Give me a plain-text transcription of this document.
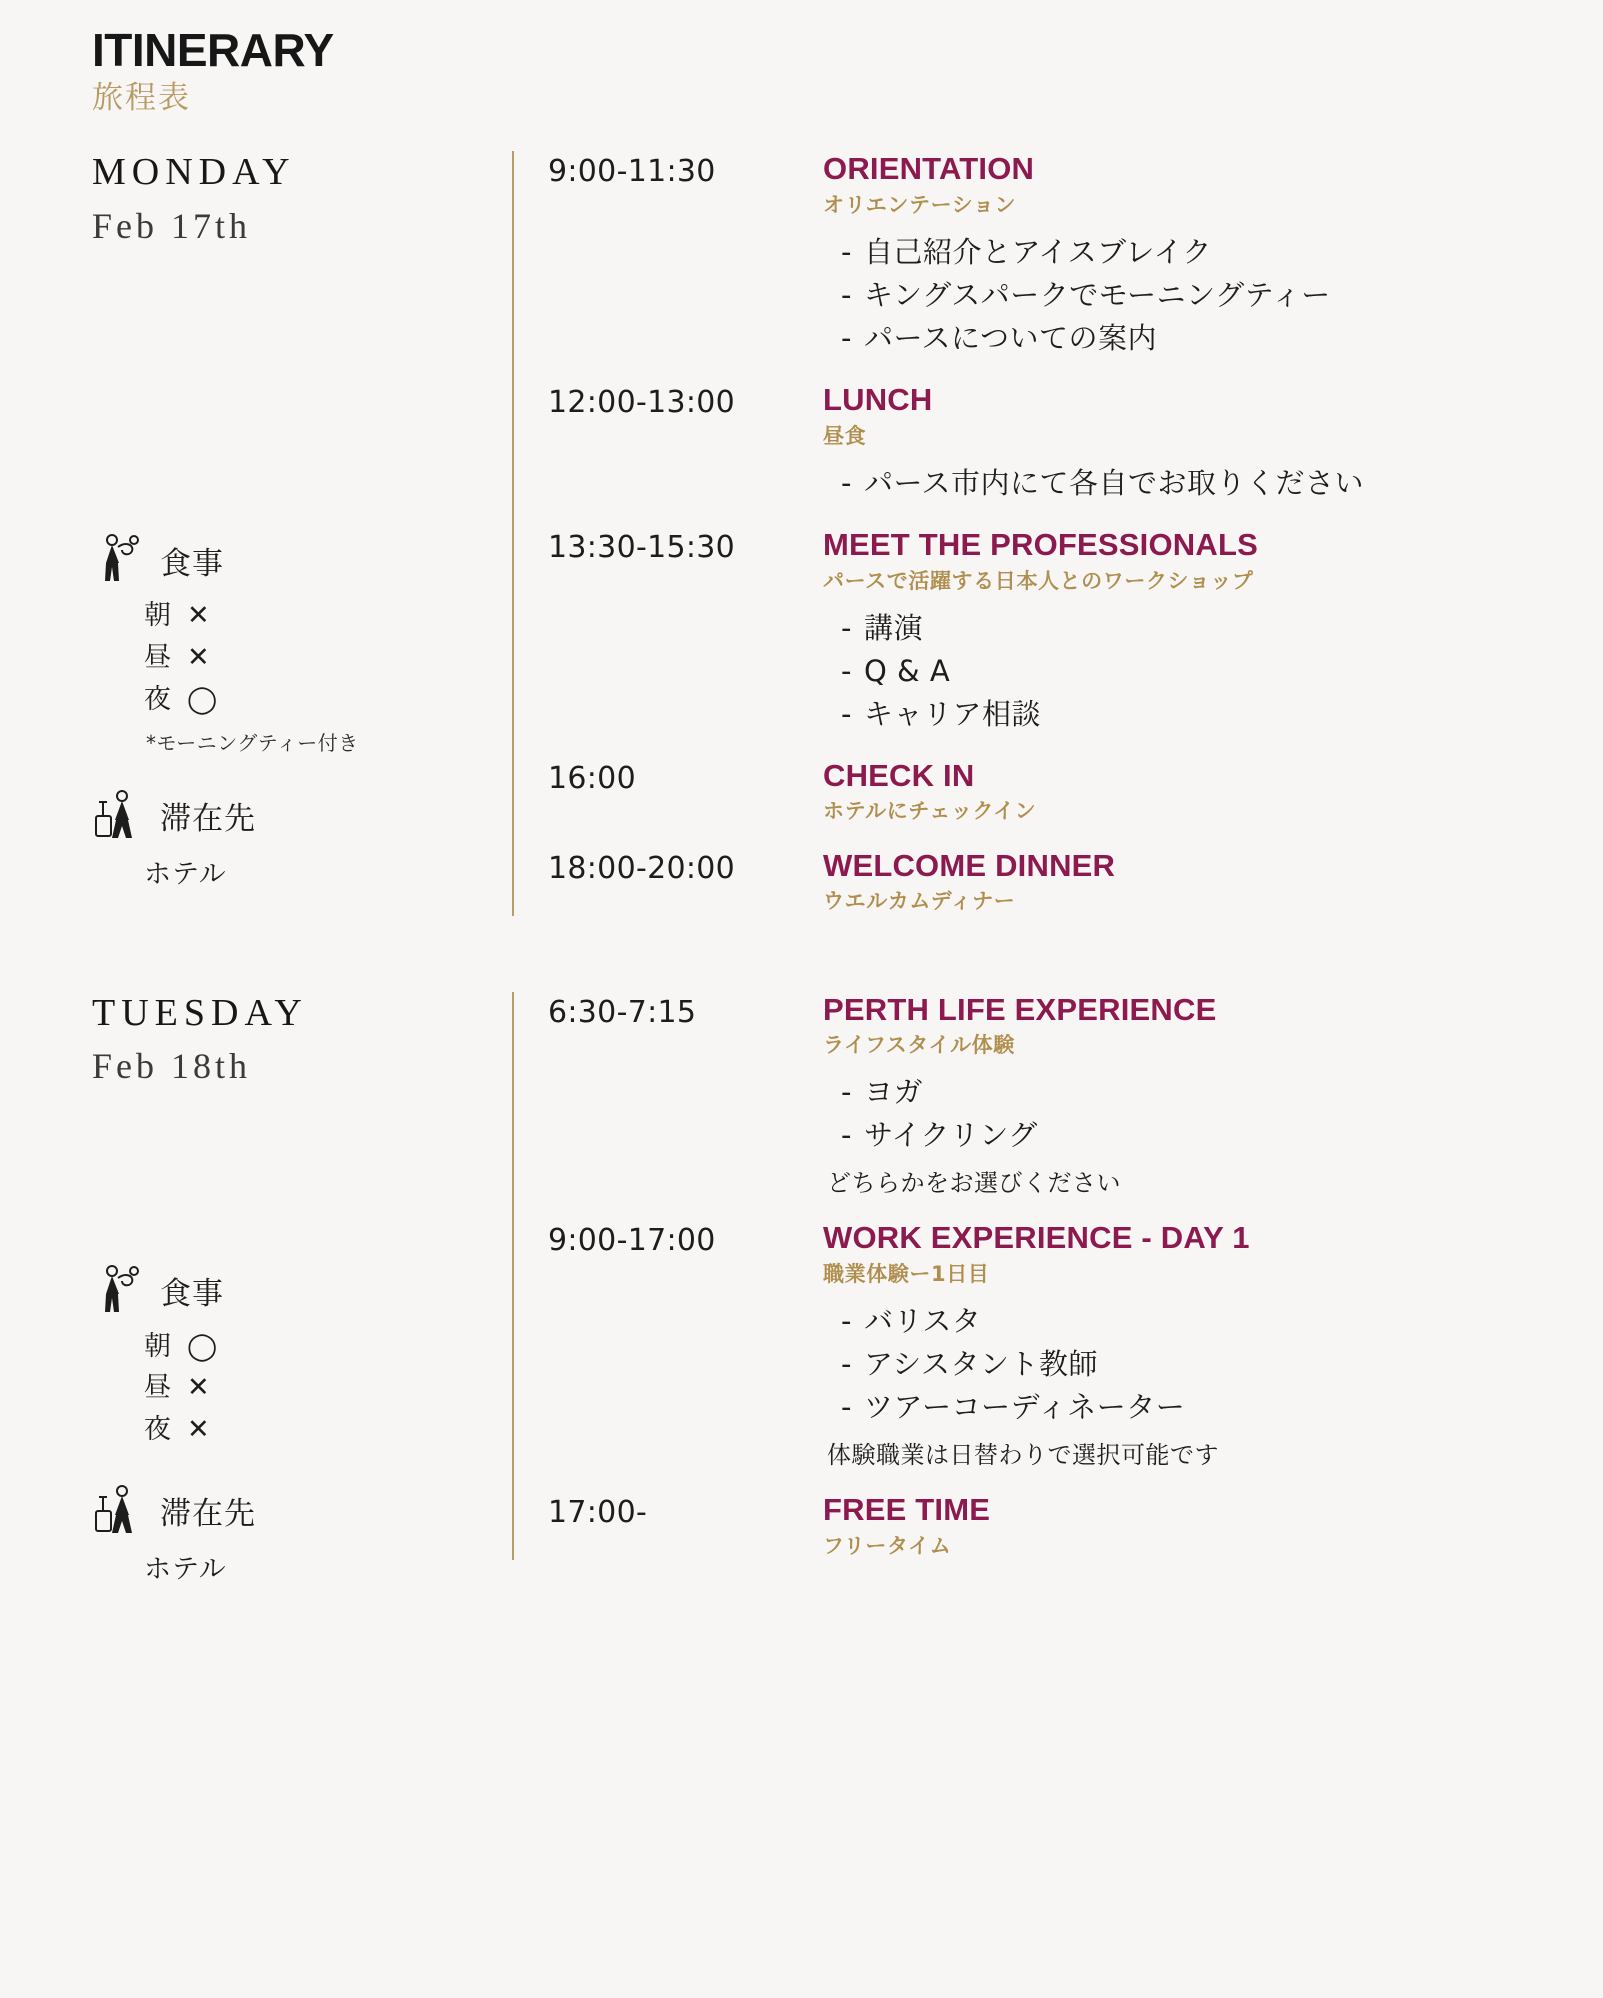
ITINERARY
旅程表
MONDAY
Feb 17th
食事
朝 ✕
昼 ✕
夜 ◯
*モーニングティー付き
滞在先
ホテル
9:00-11:30	ORIENTATION
オリエンテーション
- 自己紹介とアイスブレイク
- キングスパークでモーニングティー
- パースについての案内
12:00-13:00	LUNCH
昼食
- パース市内にて各自でお取りください
13:30-15:30	MEET THE PROFESSIONALS
パースで活躍する日本人とのワークショップ
- 講演
- Q & A
- キャリア相談
16:00	CHECK IN
ホテルにチェックイン
18:00-20:00	WELCOME DINNER
ウエルカムディナー
TUESDAY
Feb 18th
食事
朝 ◯
昼 ✕
夜 ✕
滞在先
ホテル
6:30-7:15	PERTH LIFE EXPERIENCE
ライフスタイル体験
- ヨガ
- サイクリング
どちらかをお選びください
9:00-17:00	WORK EXPERIENCE - DAY 1
職業体験ー1日目
- バリスタ
- アシスタント教師
- ツアーコーディネーター
体験職業は日替わりで選択可能です
17:00-	FREE TIME
フリータイム
